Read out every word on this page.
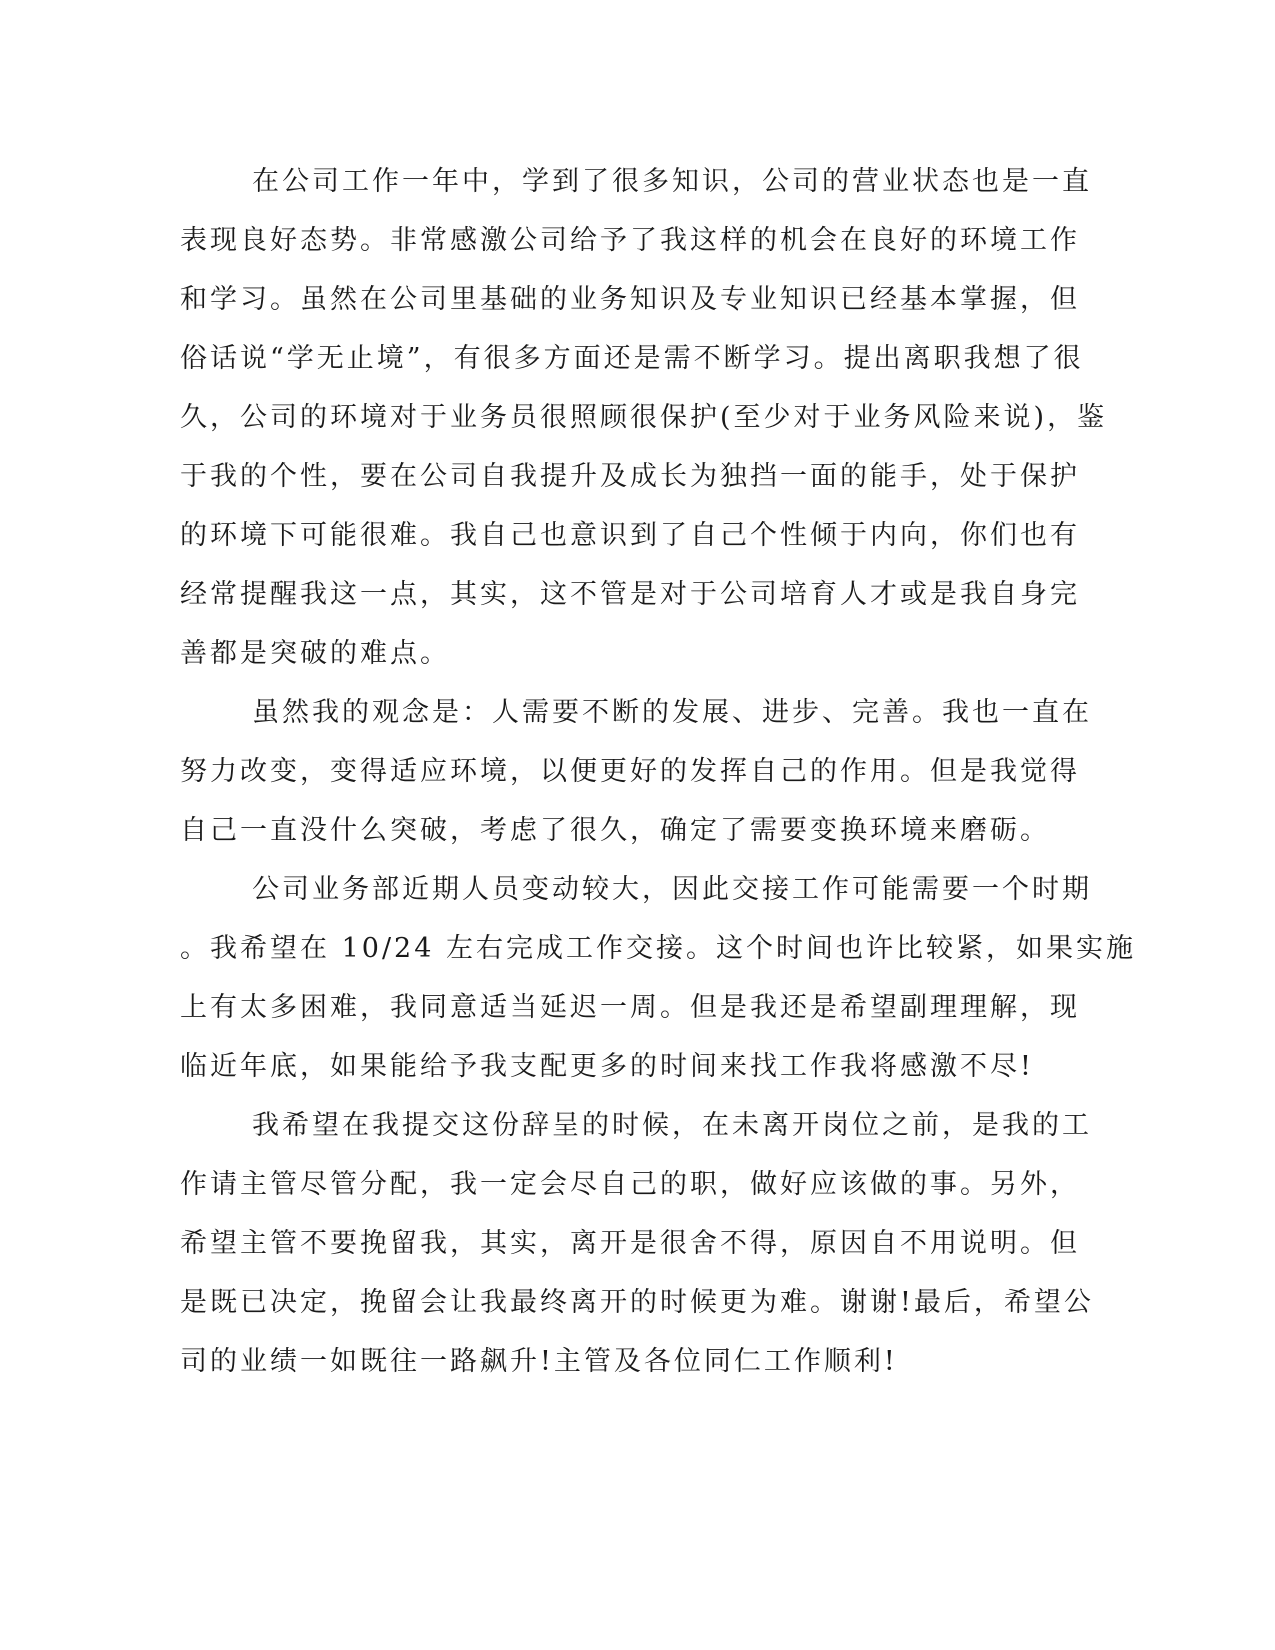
在公司工作一年中，学到了很多知识，公司的营业状态也是一直
表现良好态势。非常感激公司给予了我这样的机会在良好的环境工作
和学习。虽然在公司里基础的业务知识及专业知识已经基本掌握，但
俗话说“学无止境”，有很多方面还是需不断学习。提出离职我想了很
久，公司的环境对于业务员很照顾很保护(至少对于业务风险来说)，鉴
于我的个性，要在公司自我提升及成长为独挡一面的能手，处于保护
的环境下可能很难。我自己也意识到了自己个性倾于内向，你们也有
经常提醒我这一点，其实，这不管是对于公司培育人才或是我自身完
善都是突破的难点。
虽然我的观念是：人需要不断的发展、进步、完善。我也一直在
努力改变，变得适应环境，以便更好的发挥自己的作用。但是我觉得
自己一直没什么突破，考虑了很久，确定了需要变换环境来磨砺。
公司业务部近期人员变动较大，因此交接工作可能需要一个时期
。我希望在 10/24 左右完成工作交接。这个时间也许比较紧，如果实施
上有太多困难，我同意适当延迟一周。但是我还是希望副理理解，现
临近年底，如果能给予我支配更多的时间来找工作我将感激不尽!
我希望在我提交这份辞呈的时候，在未离开岗位之前，是我的工
作请主管尽管分配，我一定会尽自己的职，做好应该做的事。另外，
希望主管不要挽留我，其实，离开是很舍不得，原因自不用说明。但
是既已决定，挽留会让我最终离开的时候更为难。谢谢!最后，希望公
司的业绩一如既往一路飙升!主管及各位同仁工作顺利!
